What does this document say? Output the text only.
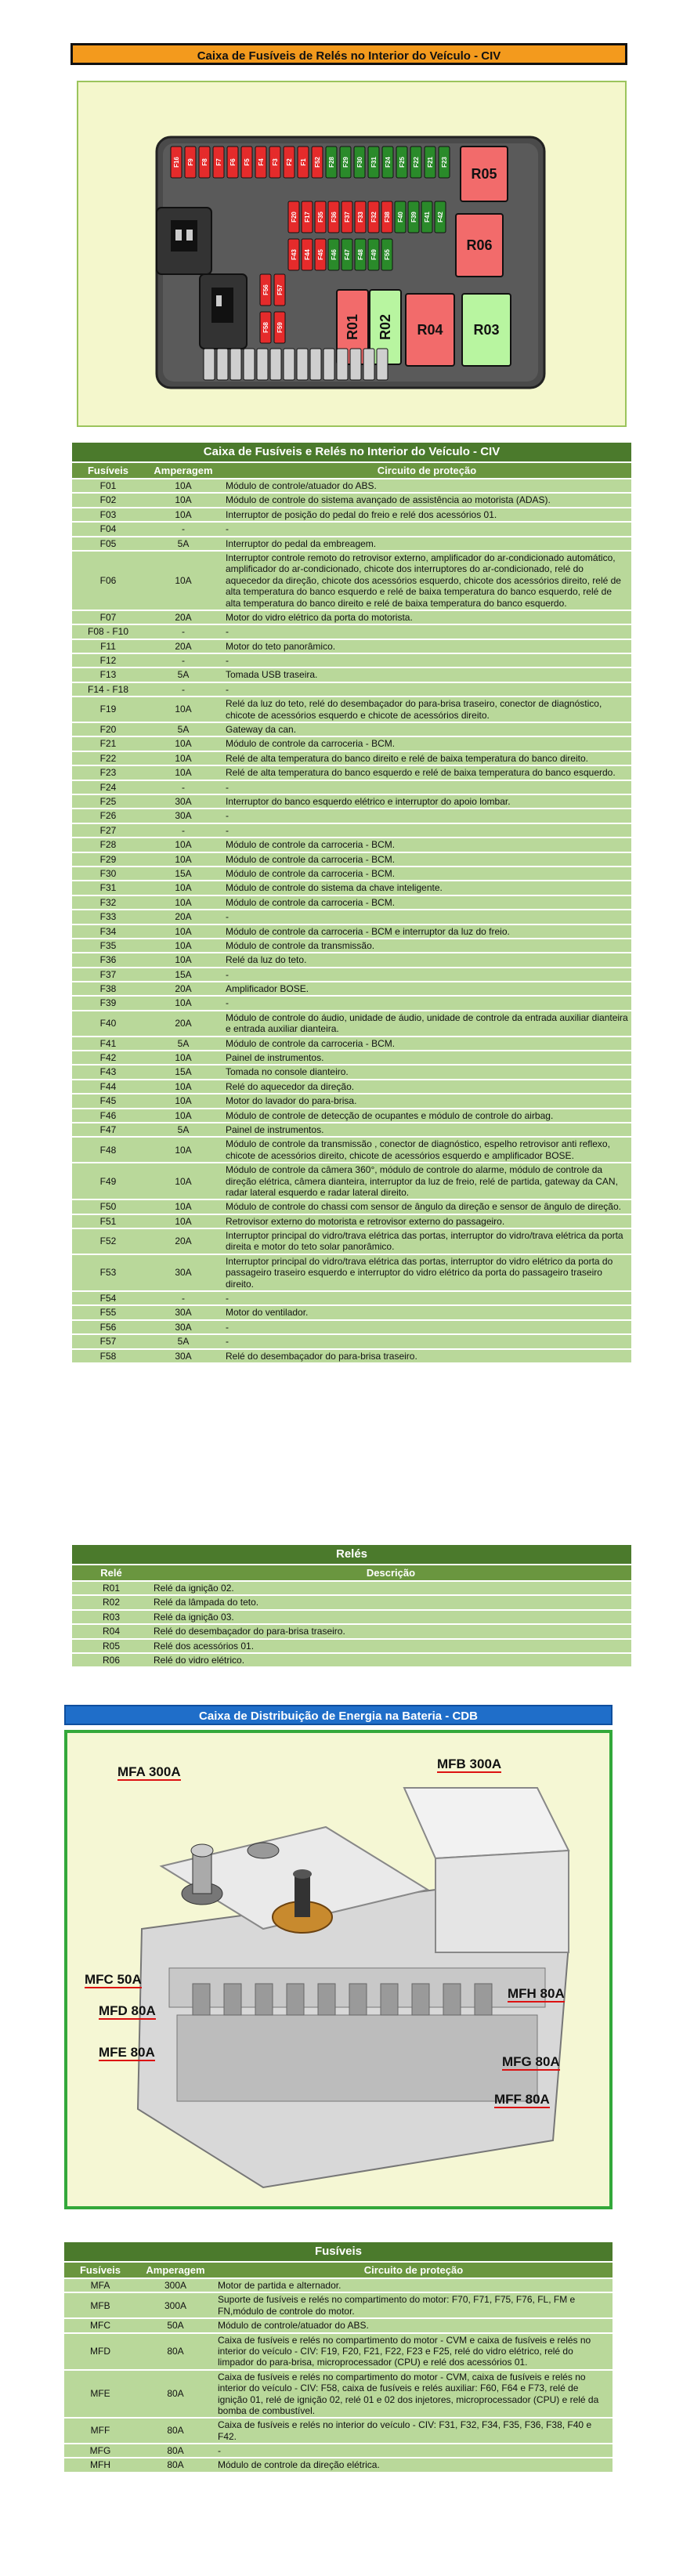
Caixa de Fusíveis de Relés no Interior do Veículo - CIV
R01 R02 R04 R03
R05
R06
F16 F9 F8 F7 F6 F5 F4 F3 F2 F1 F52 F28 F29 F30 F31 F24 F25 F22 F21 F23
F20 F17 F35 F36 F37 F33 F32 F38 F40 F39 F41 F42
F43 F44 F45 F46 F47 F48 F49 F55
F56 F57
F58 F59
Caixa de Fusíveis e Relés no Interior do Veículo - CIV
Fusíveis	Amperagem	Circuito de proteção
F01	10A	Módulo de controle/atuador do ABS.
F02	10A	Módulo de controle do sistema avançado de assistência ao motorista (ADAS).
F03	10A	Interruptor de posição do pedal do freio e relé dos acessórios 01.
F04	-	-
F05	5A	Interruptor do pedal da embreagem.
F06	10A	Interruptor controle remoto do retrovisor externo, amplificador do ar-condicionado automático, amplificador do ar-condicionado, chicote dos interruptores do ar-condicionado, relé do aquecedor da direção, chicote dos acessórios esquerdo, chicote dos acessórios direito, relé de alta temperatura do banco esquerdo e relé de baixa temperatura do banco esquerdo, relé de alta temperatura do banco direito e relé de baixa temperatura do banco esquerdo.
F07	20A	Motor do vidro elétrico da porta do motorista.
F08 - F10	-	-
F11	20A	Motor do teto panorâmico.
F12	-	-
F13	5A	Tomada USB traseira.
F14 - F18	-	-
F19	10A	Relé da luz do teto, relé do desembaçador do para-brisa traseiro, conector de diagnóstico, chicote de acessórios esquerdo e chicote de acessórios direito.
F20	5A	Gateway da can.
F21	10A	Módulo de controle da carroceria - BCM.
F22	10A	Relé de alta temperatura do banco direito e relé de baixa temperatura do banco direito.
F23	10A	Relé de alta temperatura do banco esquerdo e relé de baixa temperatura do banco esquerdo.
F24	-	-
F25	30A	Interruptor do banco esquerdo elétrico e interruptor do apoio lombar.
F26	30A	-
F27	-	-
F28	10A	Módulo de controle da carroceria - BCM.
F29	10A	Módulo de controle da carroceria - BCM.
F30	15A	Módulo de controle da carroceria - BCM.
F31	10A	Módulo de controle do sistema da chave inteligente.
F32	10A	Módulo de controle da carroceria - BCM.
F33	20A	-
F34	10A	Módulo de controle da carroceria - BCM e interruptor da luz do freio.
F35	10A	Módulo de controle da transmissão.
F36	10A	Relé da luz do teto.
F37	15A	-
F38	20A	Amplificador BOSE.
F39	10A	-
F40	20A	Módulo de controle do áudio, unidade de áudio, unidade de controle da entrada auxiliar dianteira e entrada auxiliar dianteira.
F41	5A	Módulo de controle da carroceria - BCM.
F42	10A	Painel de instrumentos.
F43	15A	Tomada no console dianteiro.
F44	10A	Relé do aquecedor da direção.
F45	10A	Motor do lavador do para-brisa.
F46	10A	Módulo de controle de detecção de ocupantes e módulo de controle do airbag.
F47	5A	Painel de instrumentos.
F48	10A	Módulo de controle da transmissão , conector de diagnóstico, espelho retrovisor anti reflexo, chicote de acessórios direito, chicote de acessórios esquerdo e amplificador BOSE.
F49	10A	Módulo de controle da câmera 360°, módulo de controle do alarme, módulo de controle da direção elétrica, câmera dianteira, interruptor da luz de freio, relé de partida, gateway da CAN, radar lateral esquerdo e radar lateral direito.
F50	10A	Módulo de controle do chassi com sensor de ângulo da direção e sensor de ângulo de direção.
F51	10A	Retrovisor externo do motorista e retrovisor externo do passageiro.
F52	20A	Interruptor principal do vidro/trava elétrica das portas, interruptor do vidro/trava elétrica da porta direita e motor do teto solar panorâmico.
F53	30A	Interruptor principal do vidro/trava elétrica das portas, interruptor do vidro elétrico da porta do passageiro traseiro esquerdo e interruptor do vidro elétrico da porta do passageiro traseiro direito.
F54	-	-
F55	30A	Motor do ventilador.
F56	30A	-
F57	5A	-
F58	30A	Relé do desembaçador do para-brisa traseiro.
Relés
Relé	Descrição
R01	Relé da ignição 02.
R02	Relé da lâmpada do teto.
R03	Relé da ignição 03.
R04	Relé do desembaçador do para-brisa traseiro.
R05	Relé dos acessórios 01.
R06	Relé do vidro elétrico.
Caixa de Distribuição de Energia na Bateria - CDB
MFA 300A
MFB 300A
MFC 50A
MFD 80A
MFE 80A
MFH 80A
MFG 80A
MFF 80A
Fusíveis
Fusíveis	Amperagem	Circuito de proteção
MFA	300A	Motor de partida e alternador.
MFB	300A	Suporte de fusíveis e relés no compartimento do motor: F70, F71, F75, F76, FL, FM e FN,módulo de controle do motor.
MFC	50A	Módulo de controle/atuador do ABS.
MFD	80A	Caixa de fusíveis e relés no compartimento do motor - CVM e caixa de fusíveis e relés no interior do veículo - CIV: F19, F20, F21, F22, F23 e F25, relé do vidro elétrico, relé do limpador do para-brisa, microprocessador (CPU) e relé dos acessórios 01.
MFE	80A	Caixa de fusíveis e relés no compartimento do motor - CVM, caixa de fusíveis e relés no interior do veículo - CIV: F58, caixa de fusíveis e relés auxiliar: F60, F64 e F73, relé de ignição 01, relé de ignição 02, relé 01 e 02 dos injetores, microprocessador (CPU) e relé da bomba de combustível.
MFF	80A	Caixa de fusíveis e relés no interior do veículo - CIV: F31, F32, F34, F35, F36, F38, F40 e F42.
MFG	80A	-
MFH	80A	Módulo de controle da direção elétrica.
